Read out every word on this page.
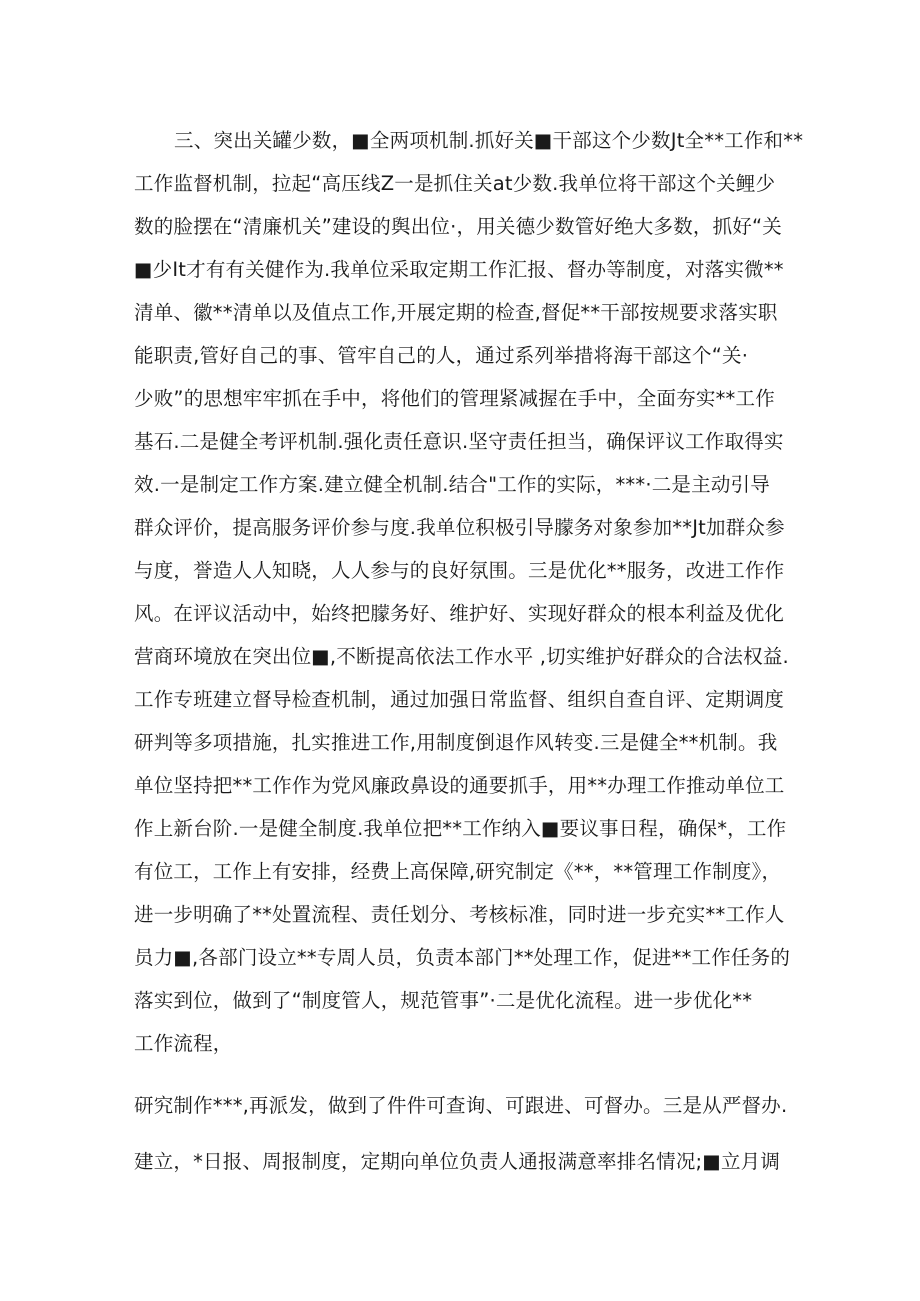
三、突出关罐少数，■全两项机制.抓好关■干部这个少数Jt全**工作和**
工作监督机制，拉起“高压线Z一是抓住关at少数.我单位将干部这个关鲤少
数的脸摆在“清廉机关”建设的舆出位·，用关德少数管好绝大多数，抓好“关
■少It才有有关健作为.我单位采取定期工作汇报、督办等制度，对落实微**
清单、徽**清单以及值点工作,开展定期的检查,督促**干部按规要求落实职
能职责,管好自己的事、管牢自己的人，通过系列举措将海干部这个“关·
少败”的思想牢牢抓在手中，将他们的管理紧减握在手中，全面夯实**工作
基石.二是健全考评机制.强化责任意识.坚守责任担当，确保评议工作取得实
效.一是制定工作方案.建立健全机制.结合"工作的实际，***·二是主动引导
群众评价，提高服务评价参与度.我单位积极引导朦务对象参加**Jt加群众参
与度，誉造人人知晓，人人参与的良好氛围。三是优化**服务，改进工作作
风。在评议活动中，始终把朦务好、维护好、实现好群众的根本利益及优化
营商环境放在突出位■,不断提高依法工作水平 ,切实维护好群众的合法权益.
工作专班建立督导检查机制，通过加强日常监督、组织自查自评、定期调度
研判等多项措施，扎实推进工作,用制度倒退作风转变.三是健全**机制。我
单位坚持把**工作作为党风廉政鼻设的通要抓手，用**办理工作推动单位工
作上新台阶.一是健全制度.我单位把**工作纳入■要议事日程，确保*，工作
有位工，工作上有安排，经费上高保障,研究制定《**，**管理工作制度》，
进一步明确了**处置流程、责任划分、考核标准，同时进一步充实**工作人
员力■,各部门设立**专周人员，负责本部门**处理工作，促进**工作任务的
落实到位，做到了“制度管人，规范管事”·二是优化流程。进一步优化**
工作流程，
研究制作***,再派发，做到了件件可查询、可跟进、可督办。三是从严督办.
建立，*日报、周报制度，定期向单位负责人通报满意率排名情况;■立月调
